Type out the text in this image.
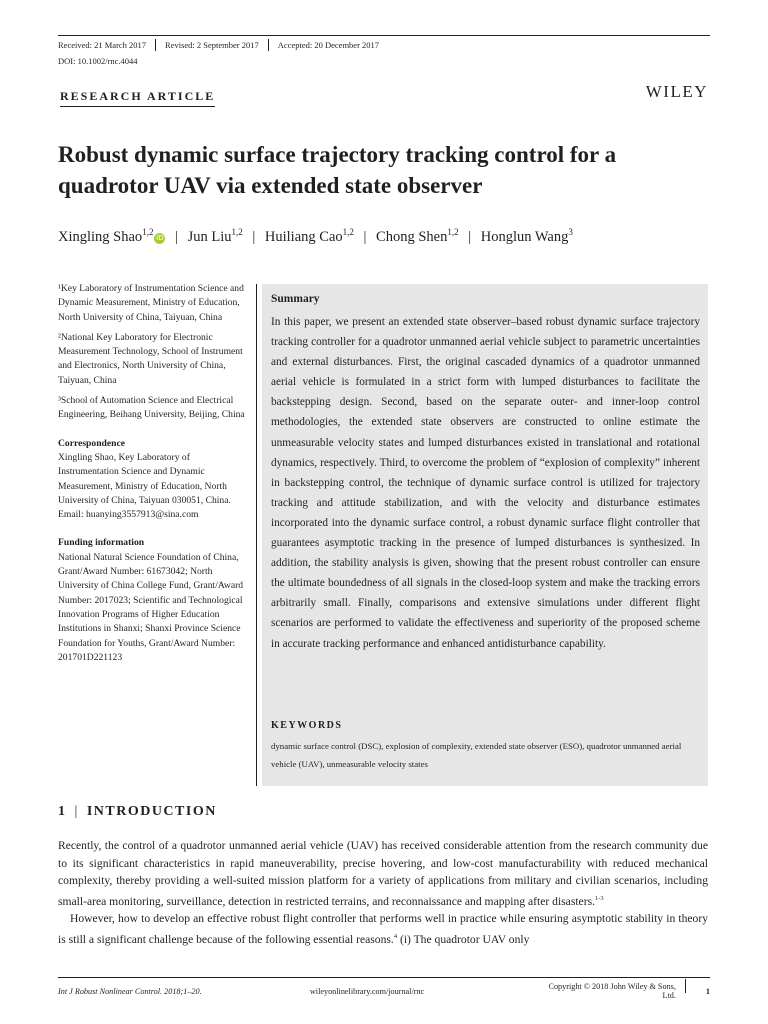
Received: 21 March 2017	Revised: 2 September 2017	Accepted: 20 December 2017
DOI: 10.1002/rnc.4044
RESEARCH ARTICLE	WILEY
Robust dynamic surface trajectory tracking control for a quadrotor UAV via extended state observer
Xingling Shao$^{1,2}$iD | Jun Liu$^{1,2}$ | Huiliang Cao$^{1,2}$ | Chong Shen$^{1,2}$ | Honglun Wang$^3$

¹Key Laboratory of Instrumentation Science and Dynamic Measurement, Ministry of Education, North University of China, Taiyuan, China

²National Key Laboratory for Electronic Measurement Technology, School of Instrument and Electronics, North University of China, Taiyuan, China

³School of Automation Science and Electrical Engineering, Beihang University, Beijing, China

Correspondence
Xingling Shao, Key Laboratory of Instrumentation Science and Dynamic Measurement, Ministry of Education, North University of China, Taiyuan 030051, China.
Email: huanying3557913@sina.com
Funding information
National Natural Science Foundation of China, Grant/Award Number: 61673042; North University of China College Fund, Grant/Award Number: 2017023; Scientific and Technological Innovation Programs of Higher Education Institutions in Shanxi; Shanxi Province Science Foundation for Youths, Grant/Award Number: 201701D221123
Summary
In this paper, we present an extended state observer–based robust dynamic surface trajectory tracking controller for a quadrotor unmanned aerial vehicle subject to parametric uncertainties and external disturbances. First, the original cascaded dynamics of a quadrotor unmanned aerial vehicle is formulated in a strict form with lumped disturbances to facilitate the backstepping design. Second, based on the separate outer- and inner-loop control methodologies, the extended state observers are constructed to online estimate the unmeasurable velocity states and lumped disturbances existed in translational and rotational dynamics, respectively. Third, to overcome the problem of “explosion of complexity” inherent in backstepping control, the technique of dynamic surface control is utilized for trajectory tracking and attitude stabilization, and with the velocity and disturbance estimates incorporated into the dynamic surface control, a robust dynamic surface flight controller that guarantees asymptotic tracking in the presence of lumped disturbances is synthesized. In addition, the stability analysis is given, showing that the present robust controller can ensure the ultimate boundedness of all signals in the closed-loop system and make the tracking errors arbitrarily small. Finally, comparisons and extensive simulations under different flight scenarios are performed to validate the effectiveness and superiority of the proposed scheme in accurate tracking performance and enhanced antidisturbance capability.
KEYWORDS
dynamic surface control (DSC), explosion of complexity, extended state observer (ESO), quadrotor unmanned aerial vehicle (UAV), unmeasurable velocity states
1 | INTRODUCTION

Recently, the control of a quadrotor unmanned aerial vehicle (UAV) has received considerable attention from the research community due to its significant characteristics in rapid maneuverability, precise hovering, and low-cost manufacturability with reduced mechanical complexity, thereby providing a well-suited mission platform for a variety of applications from military and civilian scenarios, including small-area monitoring, surveillance, detection in restricted terrains, and reconnaissance and mapping after disasters.$^{1-3}$

However, how to develop an effective robust flight controller that performs well in practice while ensuring asymptotic stability in theory is still a significant challenge because of the following essential reasons.$^4$ (i) The quadrotor UAV only

Int J Robust Nonlinear Control. 2018;1–20.	wileyonlinelibrary.com/journal/rnc	Copyright © 2018 John Wiley & Sons, Ltd.	1
